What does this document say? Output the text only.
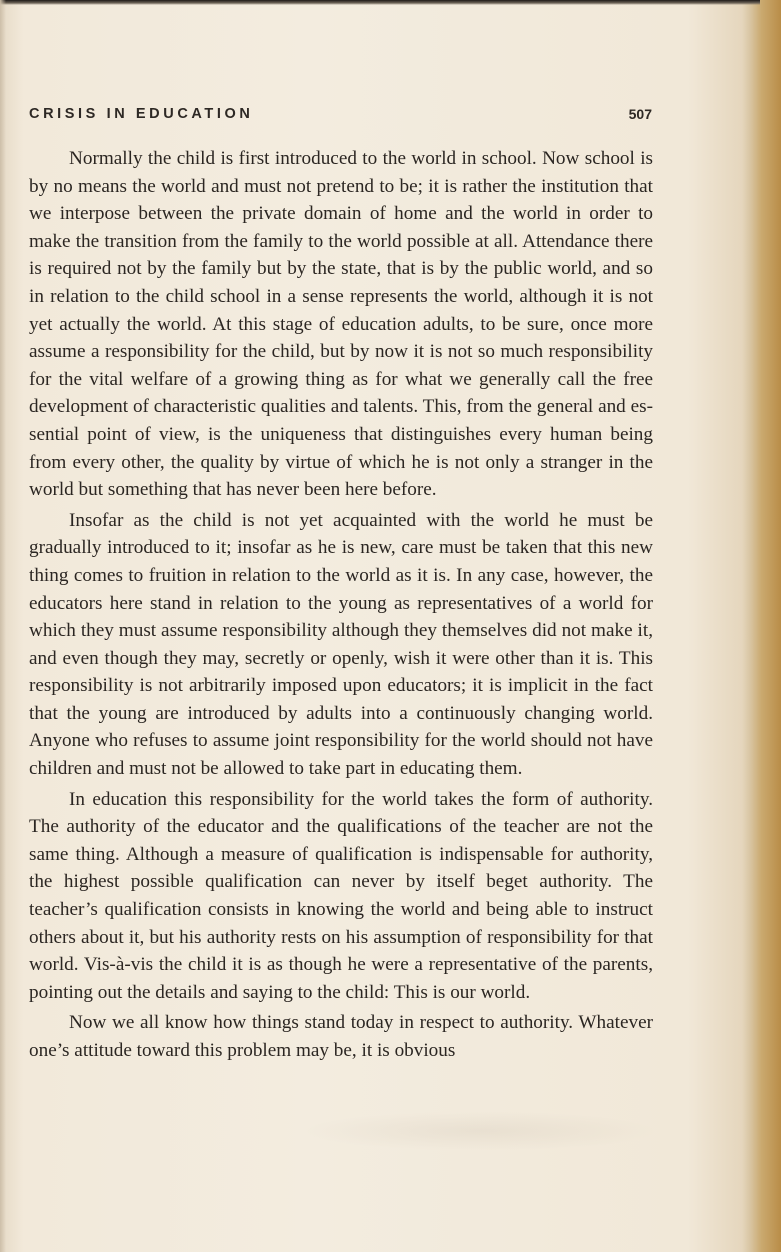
CRISIS IN EDUCATION	507

Normally the child is first introduced to the world in school. Now school is by no means the world and must not pretend to be; it is rather the institution that we interpose between the private domain of home and the world in order to make the transition from the family to the world possible at all. Attendance there is required not by the family but by the state, that is by the public world, and so in relation to the child school in a sense represents the world, although it is not yet actually the world. At this stage of education adults, to be sure, once more assume a responsibility for the child, but by now it is not so much responsibility for the vital welfare of a growing thing as for what we generally call the free development of characteristic qualities and talents. This, from the general and essential point of view, is the uniqueness that distinguishes every human being from every other, the quality by virtue of which he is not only a stranger in the world but something that has never been here before.

Insofar as the child is not yet acquainted with the world he must be gradually introduced to it; insofar as he is new, care must be taken that this new thing comes to fruition in relation to the world as it is. In any case, however, the educators here stand in relation to the young as representatives of a world for which they must assume responsibility although they themselves did not make it, and even though they may, secretly or openly, wish it were other than it is. This responsibility is not arbitrarily imposed upon educators; it is implicit in the fact that the young are introduced by adults into a continuously changing world. Anyone who refuses to assume joint responsibility for the world should not have children and must not be allowed to take part in educating them.

In education this responsibility for the world takes the form of authority. The authority of the educator and the qualifications of the teacher are not the same thing. Although a measure of qualification is indispensable for authority, the highest possible qualification can never by itself beget authority. The teacher’s qualification consists in knowing the world and being able to instruct others about it, but his authority rests on his assumption of responsibility for that world. Vis-à-vis the child it is as though he were a representative of the parents, pointing out the details and saying to the child: This is our world.

Now we all know how things stand today in respect to authority. Whatever one’s attitude toward this problem may be, it is obvious
